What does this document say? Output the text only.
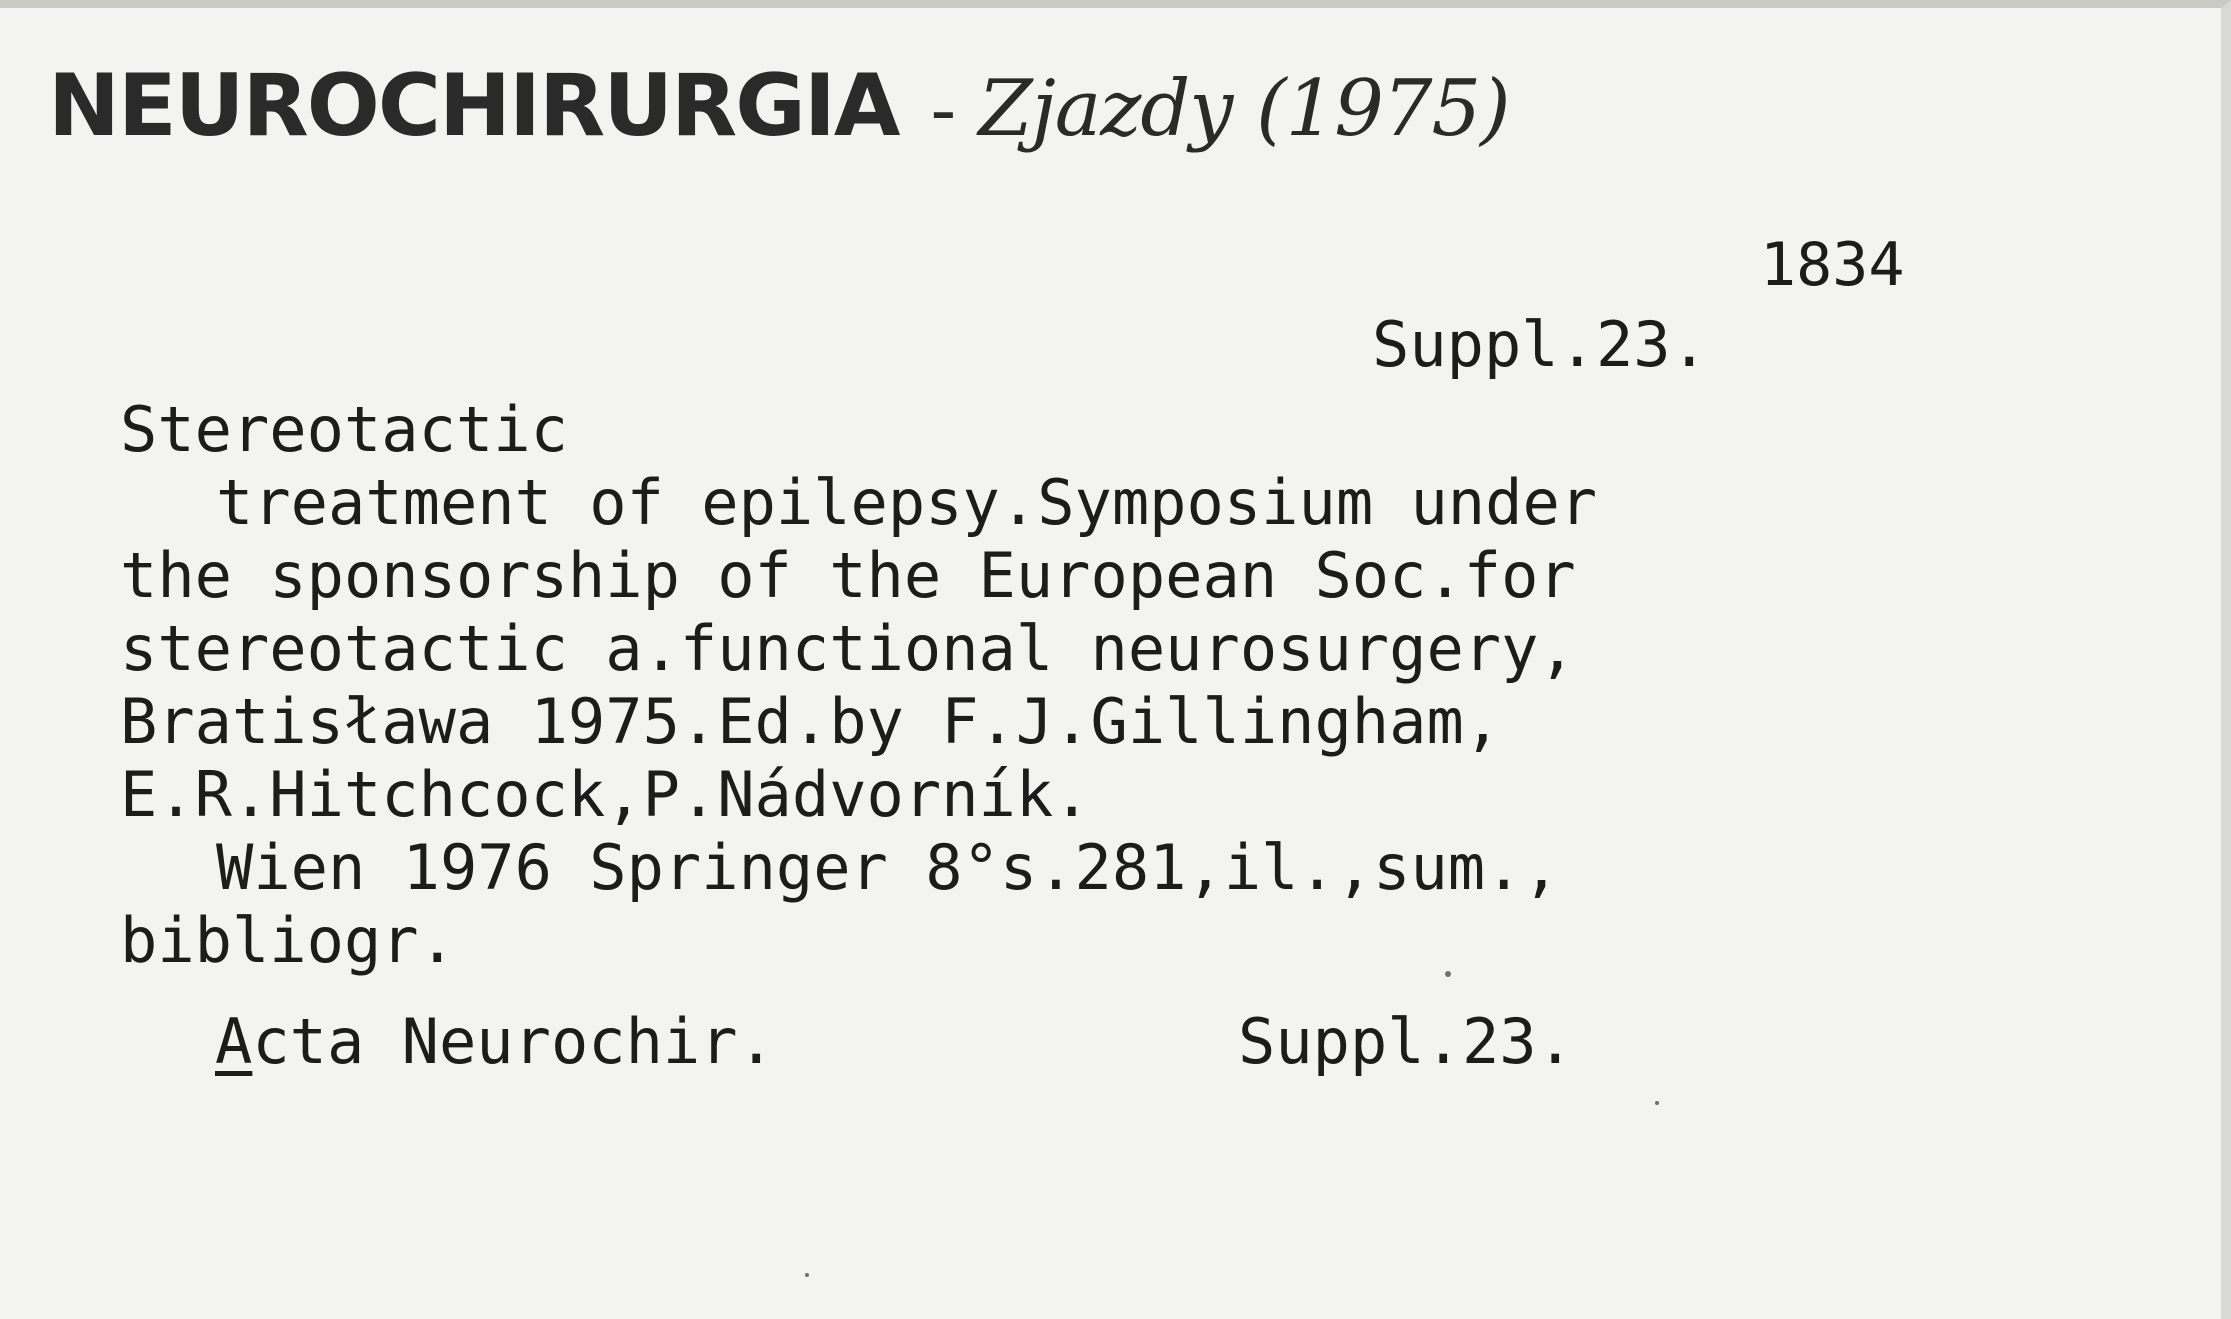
NEUROCHIRURGIA - Zjazdy (1975)
1834
Suppl.23.
Stereotactic
treatment of epilepsy.Symposium under
the sponsorship of the European Soc.for
stereotactic a.functional neurosurgery,
Bratisława 1975.Ed.by F.J.Gillingham,
E.R.Hitchcock,P.Nádvorník.
Wien 1976 Springer 8°s.281,il.,sum.,
bibliogr.
Acta Neurochir.	Suppl.23.
